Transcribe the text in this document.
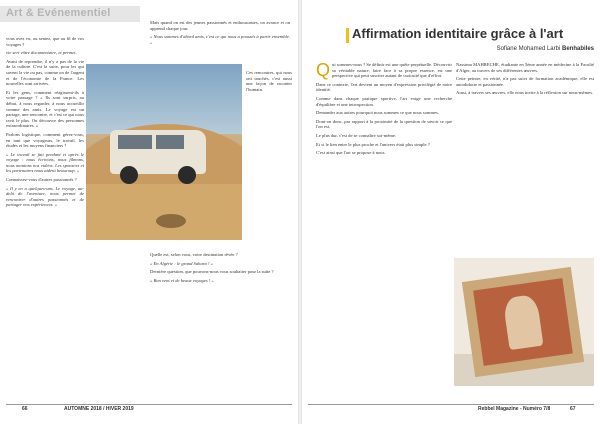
Art & Evénementiel

vous avez vu, ou sentez, que au fil de vos voyages ?

vie sert vôtre documentaire, et permet.

Avant de reprendre, il n'y a pas de la vie de la culture. C'est la suite, pour les qui savent la vie ou pas, comme on de l'argent et de l'économie de la France. Les nouvelles sont arrivées.

Et les gens, comment réagissent-ils à votre passage ? « Ils sont surpris, au début, à nous regarder, à nous accueillir comme des amis. Le voyage est un partage, une rencontre, et c'est ce qui nous ravit le plus. On découvre des personnes extraordinaires. »

Parlons logistique, comment gérez-vous, en tant que voyageurs, le travail, les études et les moyens financiers ?

« Le travail se fait pendant et après le voyage : nous écrivons, nous filmons, nous montons nos vidéos. Les sponsors et les partenaires nous aident beaucoup. »

Connaissez-vous d'autres passionnés ?

« Il y en a quelques-uns. Le voyage, au-delà de l'aventure, nous permet de rencontrer d'autres passionnés et de partager nos expériences. »

Mais quand on est des jeunes passionnés et enthousiastes, on avance et on apprend chaque jour.

« Nous sommes d'abord amis, c'est ce qui nous a poussés à partir ensemble. »

Ces rencontres, qui nous ont touchés, c'est aussi une façon de raconter l'humain.

Quelle est, selon vous, votre destination rêvée ?

« En Algérie : le grand Sahara ! »

Dernière question, que pouvons-nous vous souhaiter pour la suite ?

« Bon vent et de beaux voyages ! »

66	AUTOMNE 2018 / HIVER 2019
Affirmation identitaire grâce à l'art
Sofiane Mohamed Larbi Benhabiles

Qui sommes-nous ? Se définir est une quête perpétuelle. Découvrir sa véritable nature, faire face à sa propre essence, est une perspective qui peut susciter autant de curiosité que d'effroi.

Dans ce contexte, l'art devient un moyen d'expression privilégié de notre identité.

Comme dans chaque pratique sportive, l'art exige une recherche d'équilibre et une introspection.

Demander aux autres pourquoi nous sommes ce que nous sommes.

Dont-on donc, par rapport à la proximité de la question de savoir ce que l'on est.

Le plus dur, c'est de se connaître soi-même.

Et si le lien entre le plus proche et l'univers était plus simple ?

C'est ainsi que l'art se propose à nous.

Nassima MAHRECHE, étudiante en 5ème année en médecine à la Faculté d'Alger, au travers de ses différentes œuvres.

Cette peintre, en vérité, n'a pas suivi de formation académique, elle est autodidacte et passionnée.

Ainsi, à travers ses œuvres, elle nous invite à la réflexion sur nous-mêmes.

Rebbel Magazine - Numéro 7/8	67
